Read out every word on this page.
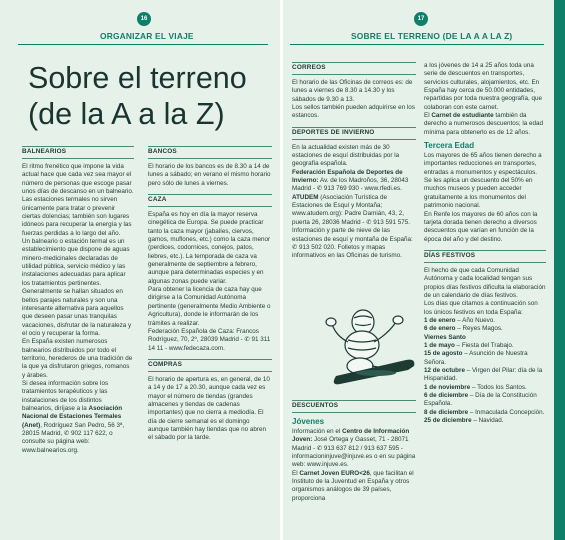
16
ORGANIZAR EL VIAJE
17
SOBRE EL TERRENO (DE LA A A LA Z)
Sobre el terreno
(de la A a la Z)
BALNEARIOS

El ritmo frenético que impone la vida actual hace que cada vez sea mayor el número de personas que escoge pasar unos días de descanso en un balneario. Las estaciones termales no sirven únicamente para tratar o prevenir ciertas dolencias; también son lugares idóneos para recuperar la energía y las fuerzas perdidas a lo largo del año.

Un balneario o estación termal es un establecimiento que dispone de aguas minero-medicinales declaradas de utilidad pública, servicio médico y las instalaciones adecuadas para aplicar los tratamientos pertinentes. Generalmente se hallan situados en bellos parajes naturales y son una interesante alternativa para aquellos que deseen pasar unas tranquilas vacaciones, disfrutar de la naturaleza y el ocio y recuperar la forma.

En España existen numerosos balnearios distribuidos por todo el territorio, herederos de una tradición de la que ya disfrutaron griegos, romanos y árabes.

Si desea información sobre los tratamientos terapéuticos y las instalaciones de los distintos balnearios, diríjase a la Asociación Nacional de Estaciones Termales (Anet), Rodríguez San Pedro, 56 3ª, 28015 Madrid, ✆ 902 117 622, o consulte su página web: www.balnearios.org.

BANCOS
El horario de los bancos es de 8.30 a 14 de lunes a sábado; en verano el mismo horario pero sólo de lunes a viernes.
CAZA

España es hoy en día la mayor reserva cinegética de Europa. Se puede practicar tanto la caza mayor (jabalíes, ciervos, gamos, muflones, etc.) como la caza menor (perdices, codornices, conejos, patos, liebres, etc.). La temporada de caza va generalmente de septiembre a febrero, aunque para determinadas especies y en algunas zonas puede variar.

Para obtener la licencia de caza hay que dirigirse a la Comunidad Autónoma pertinente (generalmente Medio Ambiente o Agricultura), donde le informarán de los trámites a realizar.

Federación Española de Caza: Francos Rodríguez, 70, 2º, 28039 Madrid - ✆ 91 311 14 11 - www.fedecaza.com.

COMPRAS
El horario de apertura es, en general, de 10 a 14 y de 17 a 20.30, aunque cada vez es mayor el número de tiendas (grandes almacenes y tiendas de cadenas importantes) que no cierra a mediodía. El día de cierre semanal es el domingo aunque también hay tiendas que no abren el sábado por la tarde.
CORREOS

El horario de las Oficinas de correos es: de lunes a viernes de 8.30 a 14.30 y los sábados de 9.30 a 13.

Los sellos también pueden adquirirse en los estancos.

DEPORTES DE INVIERNO

En la actualidad existen más de 30 estaciones de esquí distribuidas por la geografía española.

Federación Española de Deportes de Invierno: Av. de los Madroños, 36, 28043 Madrid - ✆ 913 769 930 - www.rfedi.es.

ATUDEM (Asociación Turística de Estaciones de Esquí y Montaña; www.atudem.org): Padre Damián, 43, 2, puerta 26, 28036 Madrid - ✆ 913 591 575. Información y parte de nieve de las estaciones de esquí y montaña de España: ✆ 913 502 020. Folletos y mapas informativos en las Oficinas de turismo.

DESCUENTOS
Jóvenes

Información en el Centro de Información Joven: José Ortega y Gasset, 71 - 28071 Madrid - ✆ 913 637 812 / 913 637 595 - informacioninjuve@injuve.es o en su página web: www.injuve.es.

El Carnet Joven EURO<26, que facilitan el Instituto de la Juventud en España y otros organismos análogos de 39 países, proporciona

a los jóvenes de 14 a 25 años toda una serie de descuentos en transportes, servicios culturales, alojamientos, etc. En España hay cerca de 50.000 entidades, repartidas por toda nuestra geografía, que colaboran con este carnet.

El Carnet de estudiante también da derecho a numerosos descuentos; la edad mínima para obtenerlo es de 12 años.

Tercera Edad

Los mayores de 65 años tienen derecho a importantes reducciones en transportes, entradas a monumentos y espectáculos. Se les aplica un descuento del 50% en muchos museos y pueden acceder gratuitamente a los monumentos del patrimonio nacional.

En Renfe los mayores de 60 años con la tarjeta dorada tienen derecho a diversos descuentos que varían en función de la época del año y del destino.

DÍAS FESTIVOS

El hecho de que cada Comunidad Autónoma y cada localidad tengan sus propios días festivos dificulta la elaboración de un calendario de días festivos.

Los días que citamos a continuación son los únicos festivos en toda España:

1 de enero – Año Nuevo.

6 de enero – Reyes Magos.

Viernes Santo

1 de mayo – Fiesta del Trabajo.

15 de agosto – Asunción de Nuestra Señora.

12 de octubre – Virgen del Pilar: día de la Hispanidad.

1 de noviembre – Todos los Santos.

6 de diciembre – Día de la Constitución Española.

8 de diciembre – Inmaculada Concepción.

25 de diciembre – Navidad.
